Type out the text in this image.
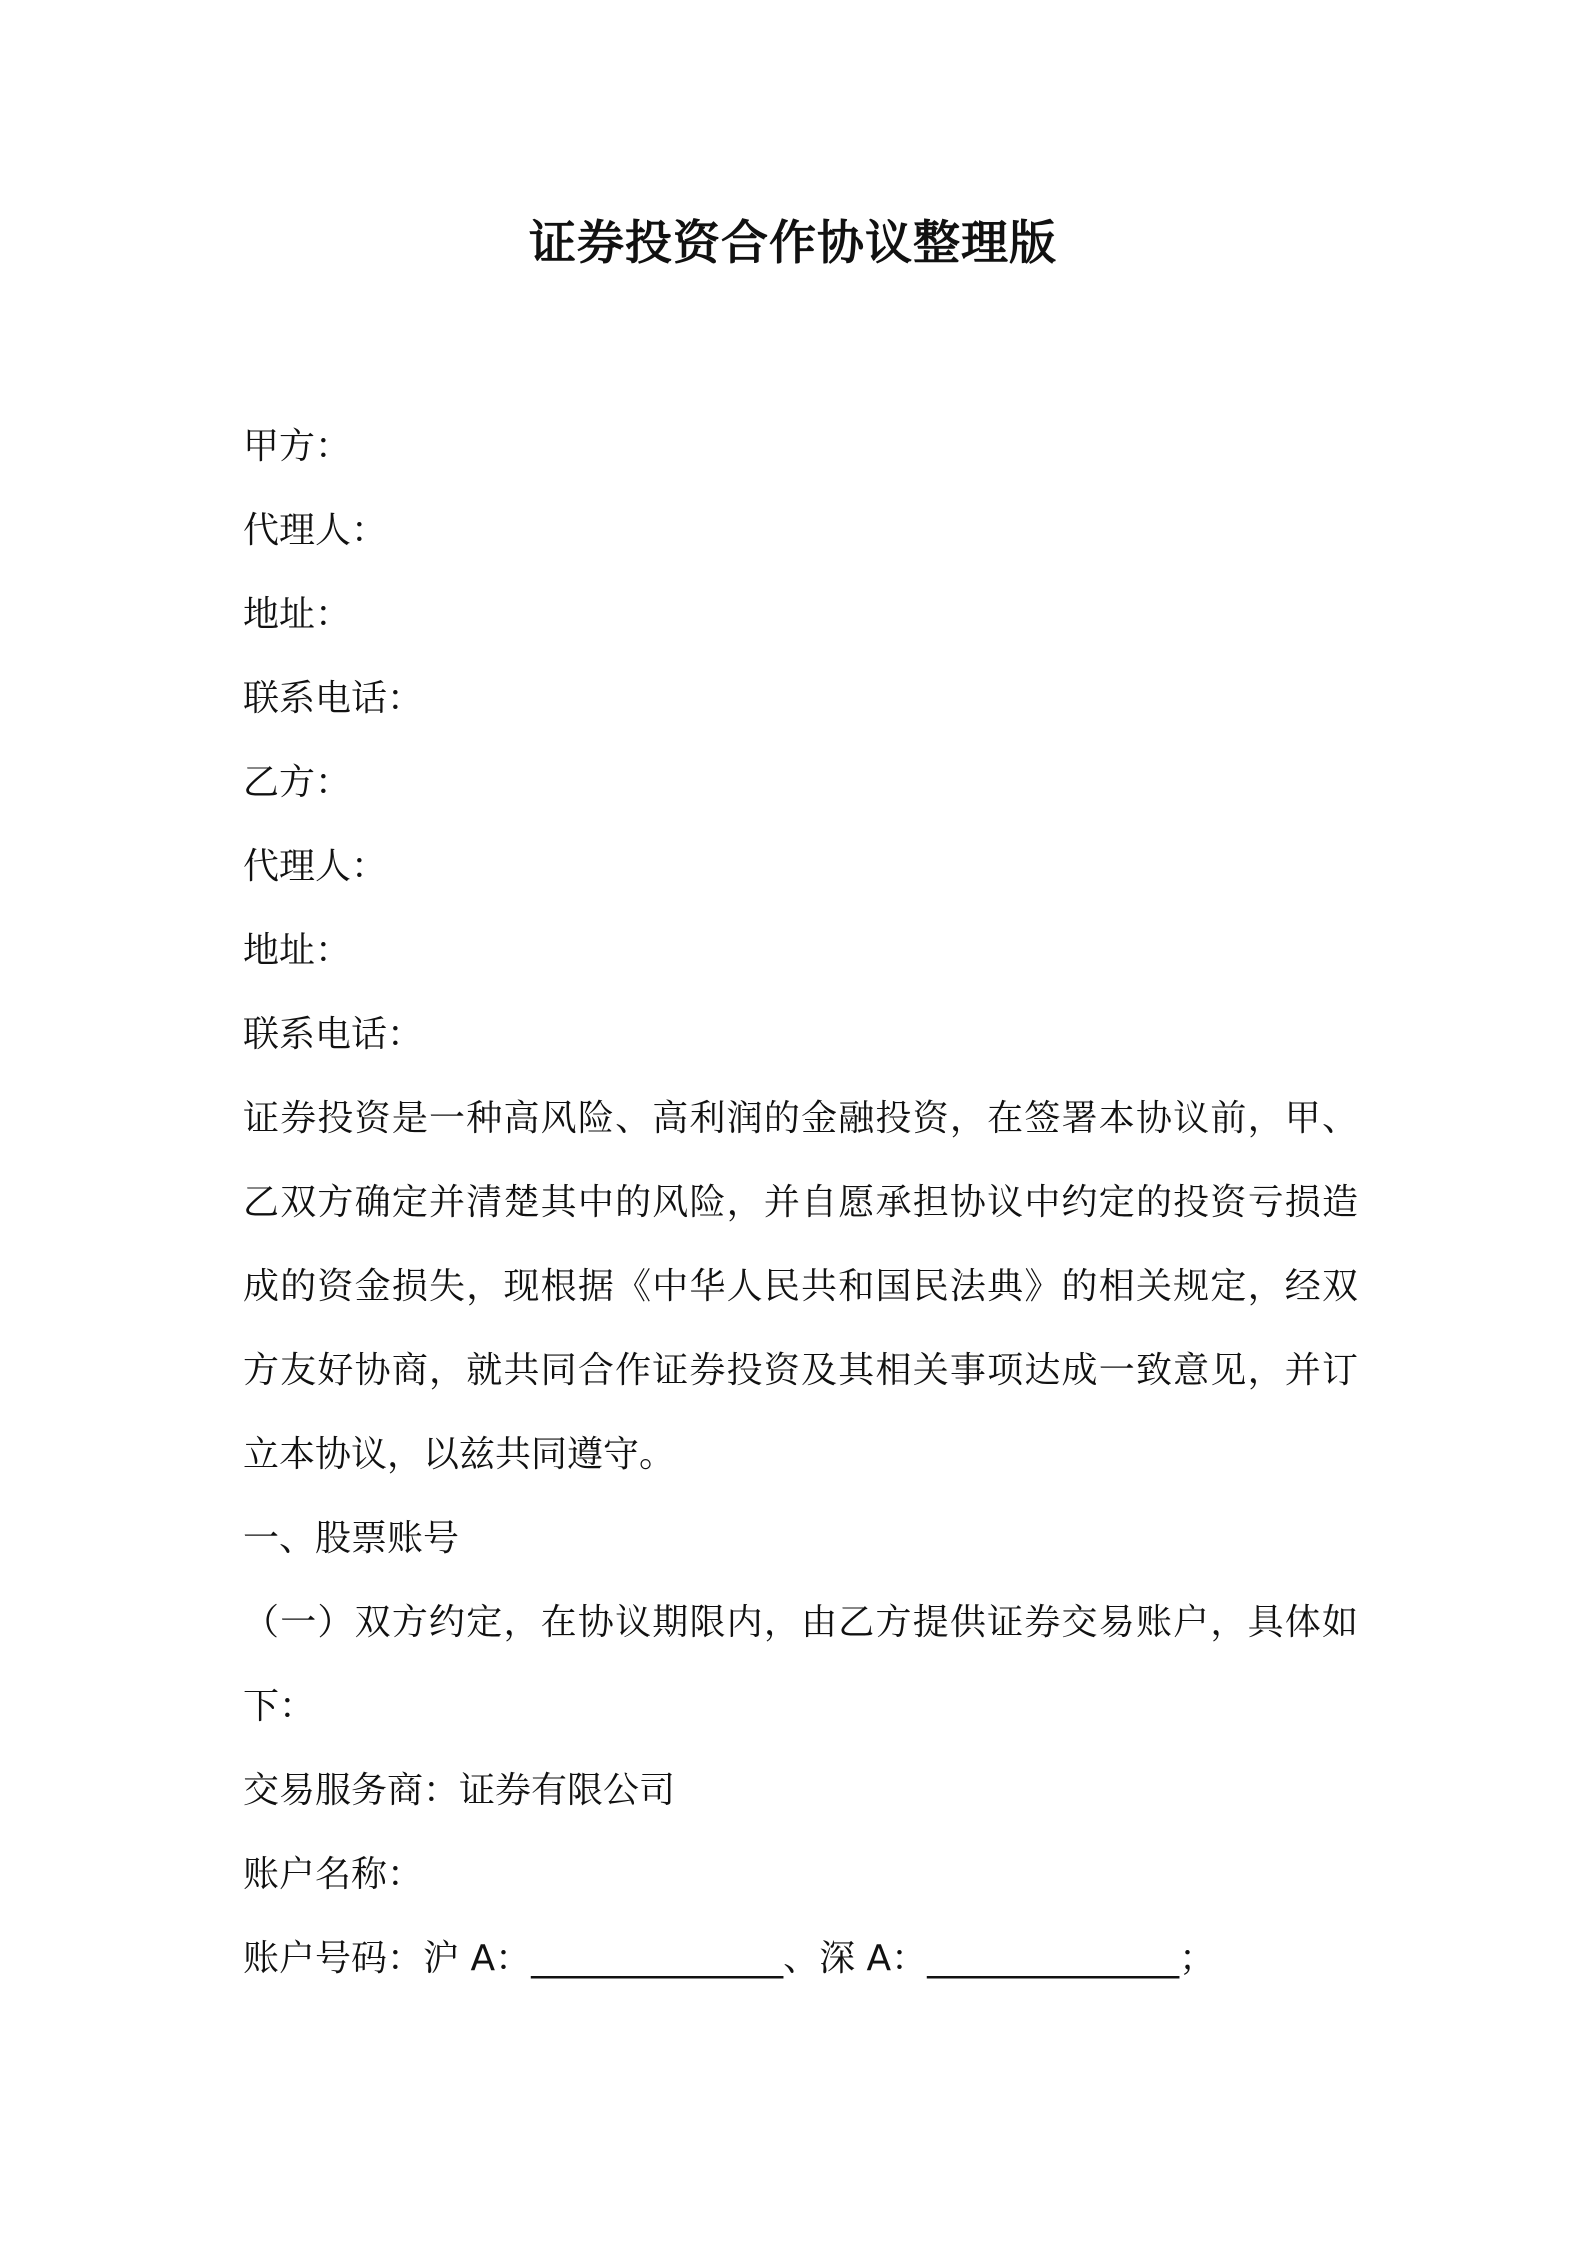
证券投资合作协议整理版
甲方：
代理人：
地址：
联系电话：
乙方：
代理人：
地址：
联系电话：
证券投资是一种高风险、高利润的金融投资，在签署本协议前，甲、乙双方确定并清楚其中的风险，并自愿承担协议中约定的投资亏损造成的资金损失，现根据《中华人民共和国民法典》的相关规定，经双方友好协商，就共同合作证券投资及其相关事项达成一致意见，并订立本协议，以兹共同遵守。
一、股票账号
（一）双方约定，在协议期限内，由乙方提供证券交易账户，具体如下：
交易服务商：证券有限公司
账户名称：
账户号码：沪 A：______________、深 A：______________；
